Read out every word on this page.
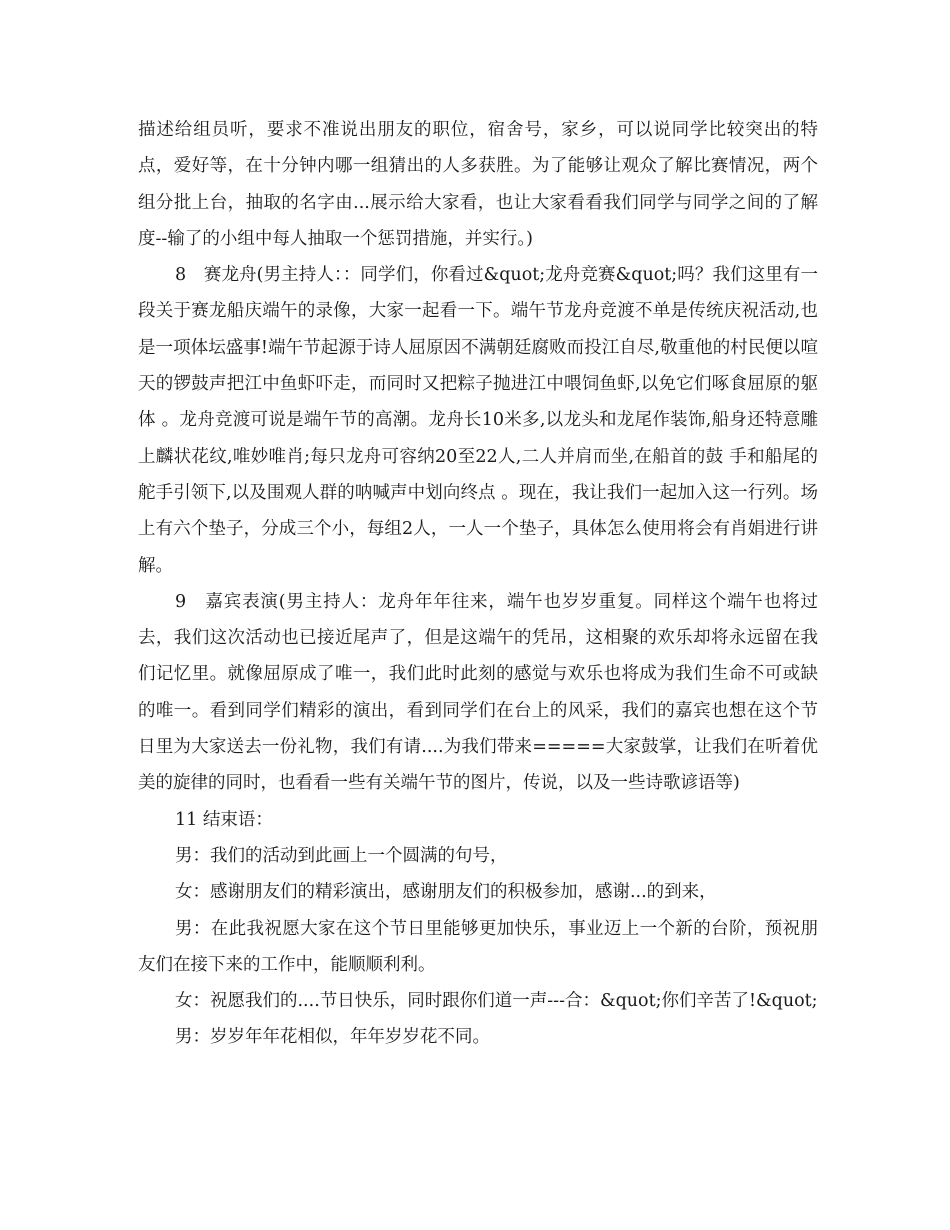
描述给组员听，要求不准说出朋友的职位，宿舍号，家乡，可以说同学比较突出的特点，爱好等，在十分钟内哪一组猜出的人多获胜。为了能够让观众了解比赛情况，两个组分批上台，抽取的名字由...展示给大家看，也让大家看看我们同学与同学之间的了解度--输了的小组中每人抽取一个惩罚措施，并实行。)

8　赛龙舟(男主持人：：同学们，你看过&quot;龙舟竞赛&quot;吗？我们这里有一段关于赛龙船庆端午的录像，大家一起看一下。端午节龙舟竞渡不单是传统庆祝活动,也是一项体坛盛事!端午节起源于诗人屈原因不满朝廷腐败而投江自尽,敬重他的村民便以喧天的锣鼓声把江中鱼虾吓走，而同时又把粽子抛进江中喂饲鱼虾,以免它们啄食屈原的躯体 。龙舟竞渡可说是端午节的高潮。龙舟长10米多,以龙头和龙尾作装饰,船身还特意雕上麟状花纹,唯妙唯肖;每只龙舟可容纳20至22人,二人并肩而坐,在船首的鼓 手和船尾的舵手引领下,以及围观人群的呐喊声中划向终点 。现在，我让我们一起加入这一行列。场上有六个垫子，分成三个小，每组2人，一人一个垫子，具体怎么使用将会有肖娟进行讲解。

9　嘉宾表演(男主持人：龙舟年年往来，端午也岁岁重复。同样这个端午也将过去，我们这次活动也已接近尾声了，但是这端午的凭吊，这相聚的欢乐却将永远留在我们记忆里。就像屈原成了唯一，我们此时此刻的感觉与欢乐也将成为我们生命不可或缺的唯一。看到同学们精彩的演出，看到同学们在台上的风采，我们的嘉宾也想在这个节日里为大家送去一份礼物，我们有请....为我们带来=====大家鼓掌，让我们在听着优美的旋律的同时，也看看一些有关端午节的图片，传说，以及一些诗歌谚语等)

11 结束语：

男：我们的活动到此画上一个圆满的句号，

女：感谢朋友们的精彩演出，感谢朋友们的积极参加，感谢...的到来，

男：在此我祝愿大家在这个节日里能够更加快乐，事业迈上一个新的台阶，预祝朋友们在接下来的工作中，能顺顺利利。

女：祝愿我们的....节日快乐，同时跟你们道一声---合：&quot;你们辛苦了!&quot;

男：岁岁年年花相似，年年岁岁花不同。
